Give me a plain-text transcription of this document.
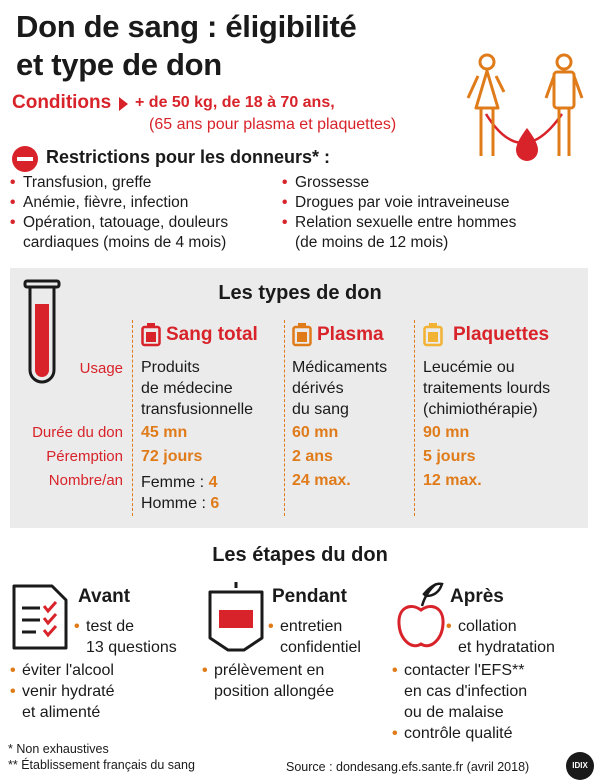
Don de sang : éligibilité
et type de don
Conditions + de 50 kg, de 18 à 70 ans,
(65 ans pour plasma et plaquettes)
Restrictions pour les donneurs* :
• Transfusion, greffe
• Anémie, fièvre, infection
• Opération, tatouage, douleurs
cardiaques (moins de 4 mois)
• Grossesse
• Drogues par voie intraveineuse
• Relation sexuelle entre hommes
(de moins de 12 mois)
Les types de don
Usage
Durée du don
Péremption
Nombre/an
Sang total
Produits
de médecine
transfusionnelle
45 mn
72 jours
Femme : 4
Homme : 6
Plasma
Médicaments
dérivés
du sang
60 mn
2 ans
24 max.
Plaquettes
Leucémie ou
traitements lourds
(chimiothérapie)
90 mn
5 jours
12 max.
Les étapes du don
Avant
• test de
13 questions
• éviter l'alcool
• venir hydraté
et alimenté
Pendant
• entretien
confidentiel
• prélèvement en
position allongée
Après
• collation
et hydratation
• contacter l'EFS**
en cas d'infection
ou de malaise
• contrôle qualité
* Non exhaustives
** Établissement français du sang	Source : dondesang.efs.sante.fr (avril 2018)	IDIX
